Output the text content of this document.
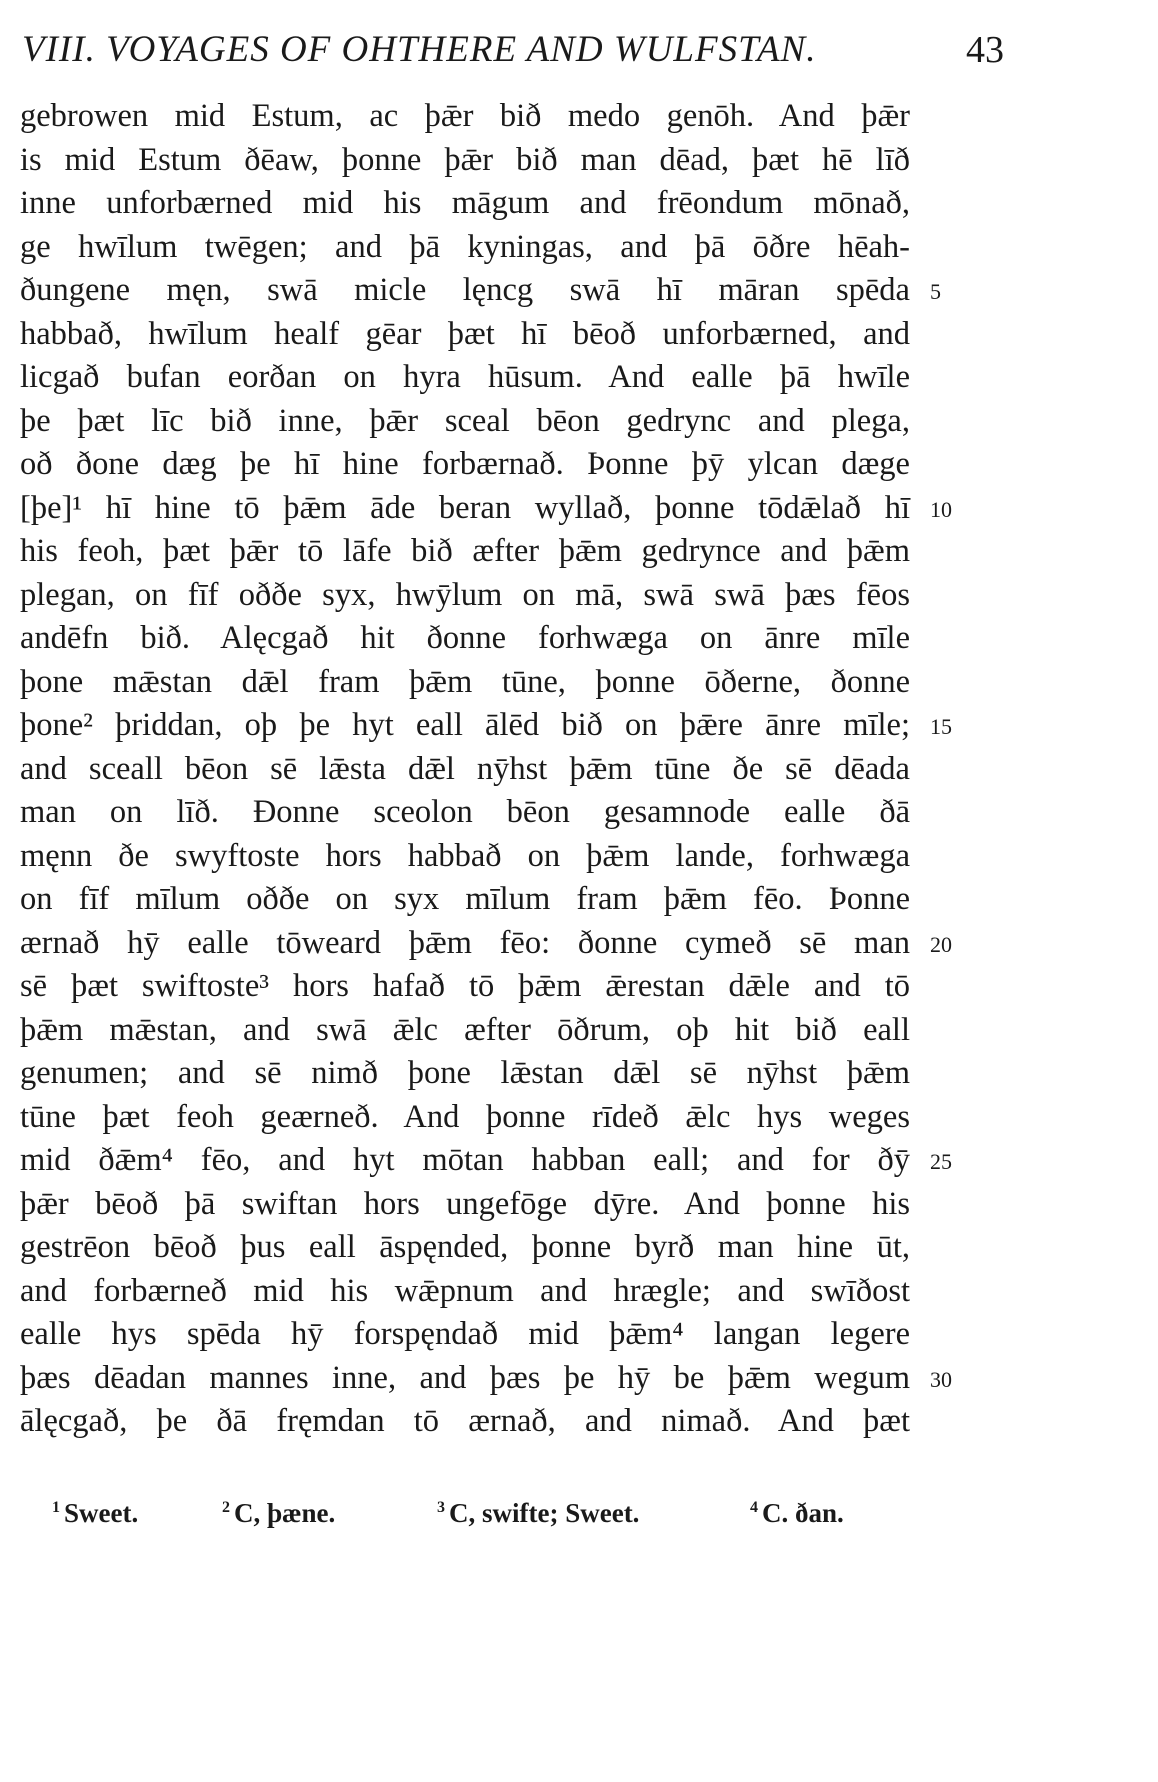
VIII. VOYAGES OF OHTHERE AND WULFSTAN.	43
gebrowen mid Estum, ac þǣr bið medo genōh. And þǣr
is mid Estum ðēaw, þonne þǣr bið man dēad, þæt hē līð
inne unforbærned mid his māgum and frēondum mōnað,
ge hwīlum twēgen; and þā kyningas, and þā ōðre hēah-
ðungene męn, swā micle lęncg swā hī māran spēda 5
habbað, hwīlum healf gēar þæt hī bēoð unforbærned, and
licgað bufan eorðan on hyra hūsum. And ealle þā hwīle
þe þæt līc bið inne, þǣr sceal bēon gedrync and plega,
oð ðone dæg þe hī hine forbærnað. Þonne þȳ ylcan dæge
[þe]¹ hī hine tō þǣm āde beran wyllað, þonne tōdǣlað hī 10
his feoh, þæt þǣr tō lāfe bið æfter þǣm gedrynce and þǣm
plegan, on fīf oððe syx, hwȳlum on mā, swā swā þæs fēos
andēfn bið. Alęcgað hit ðonne forhwæga on ānre mīle
þone mǣstan dǣl fram þǣm tūne, þonne ōðerne, ðonne
þone² þriddan, oþ þe hyt eall ālēd bið on þǣre ānre mīle; 15
and sceall bēon sē lǣsta dǣl nȳhst þǣm tūne ðe sē dēada
man on līð. Ðonne sceolon bēon gesamnode ealle ðā
męnn ðe swyftoste hors habbað on þǣm lande, forhwæga
on fīf mīlum oððe on syx mīlum fram þǣm fēo. Þonne
ærnað hȳ ealle tōweard þǣm fēo: ðonne cymeð sē man 20
sē þæt swiftoste³ hors hafað tō þǣm ǣrestan dǣle and tō
þǣm mǣstan, and swā ǣlc æfter ōðrum, oþ hit bið eall
genumen; and sē nimð þone lǣstan dǣl sē nȳhst þǣm
tūne þæt feoh geærneð. And þonne rīdeð ǣlc hys weges
mid ðǣm⁴ fēo, and hyt mōtan habban eall; and for ðȳ 25
þǣr bēoð þā swiftan hors ungefōge dȳre. And þonne his
gestrēon bēoð þus eall āspęnded, þonne byrð man hine ūt,
and forbærneð mid his wǣpnum and hrægle; and swīðost
ealle hys spēda hȳ forspęndað mid þǣm⁴ langan legere
þæs dēadan mannes inne, and þæs þe hȳ be þǣm wegum 30
ālęcgað, þe ðā fręmdan tō ærnað, and nimað. And þæt
$^1$ Sweet.	$^2$ C, þæne.	$^3$ C, swifte; Sweet.	$^4$ C. ðan.
